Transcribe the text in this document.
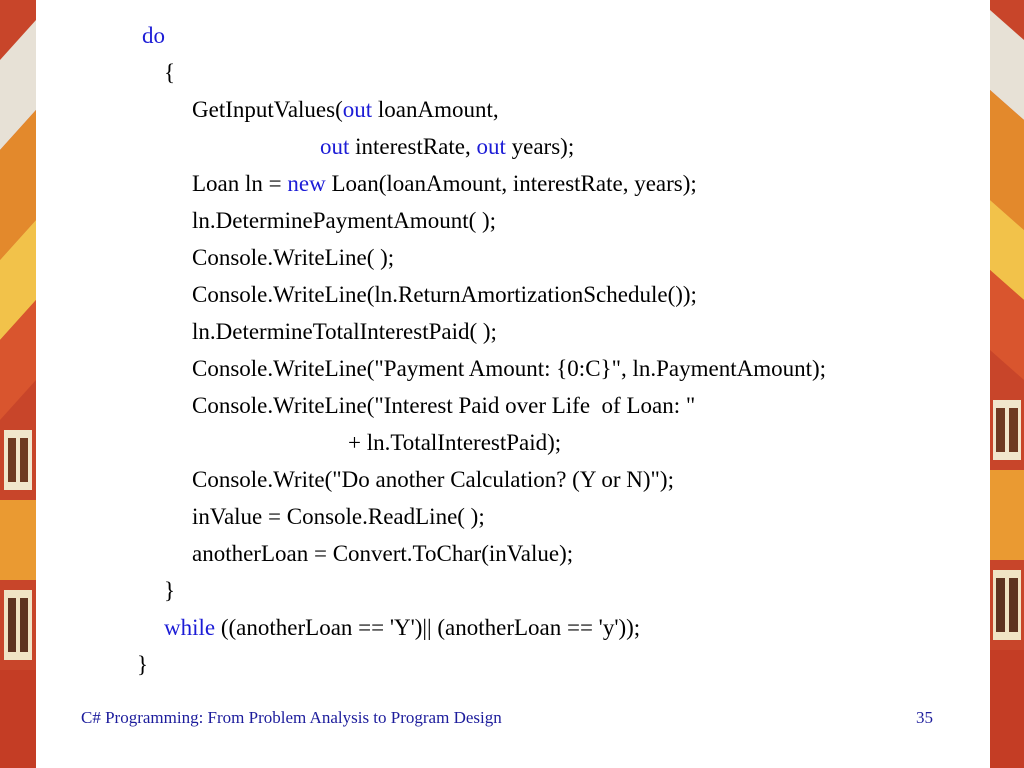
do
{
GetInputValues(out loanAmount,
out interestRate, out years);
Loan ln = new Loan(loanAmount, interestRate, years);
ln.DeterminePaymentAmount( );
Console.WriteLine( );
Console.WriteLine(ln.ReturnAmortizationSchedule());
ln.DetermineTotalInterestPaid( );
Console.WriteLine("Payment Amount: {0:C}", ln.PaymentAmount);
Console.WriteLine("Interest Paid over Life  of Loan: "
+ ln.TotalInterestPaid);
Console.Write("Do another Calculation? (Y or N)");
inValue = Console.ReadLine( );
anotherLoan = Convert.ToChar(inValue);
}
while ((anotherLoan == 'Y')|| (anotherLoan == 'y'));
}
C# Programming: From Problem Analysis to Program Design	35
